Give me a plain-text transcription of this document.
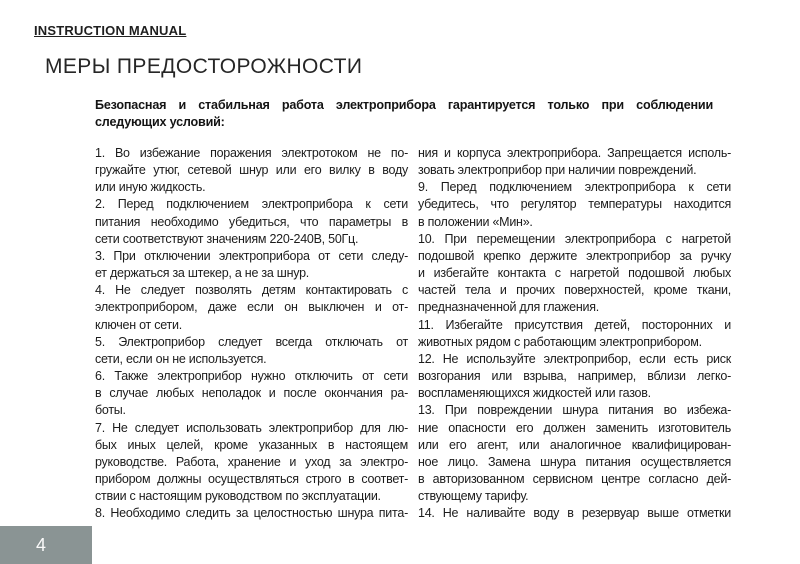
INSTRUCTION MANUAL
МЕРЫ ПРЕДОСТОРОЖНОСТИ
Безопасная и стабильная работа электроприбора гарантируется только при соблюдении
следующих условий:
1. Во избежание поражения электротоком не по-
гружайте утюг, сетевой шнур или его вилку в воду
или иную жидкость.
2. Перед подключением электроприбора к сети
питания необходимо убедиться, что параметры в
сети соответствуют значениям 220-240В, 50Гц.
3. При отключении электроприбора от сети следу-
ет держаться за штекер, а не за шнур.
4. Не следует позволять детям контактировать с
электроприбором, даже если он выключен и от-
ключен от сети.
5. Электроприбор следует всегда отключать от
сети, если он не используется.
6. Также электроприбор нужно отключить от сети
в случае любых неполадок и после окончания ра-
боты.
7. Не следует использовать электроприбор для лю-
бых иных целей, кроме указанных в настоящем
руководстве. Работа, хранение и уход за электро-
прибором должны осуществляться строго в соответ-
ствии с настоящим руководством по эксплуатации.
8. Необходимо следить за целостностью шнура пита-
ния и корпуса электроприбора. Запрещается исполь-
зовать электроприбор при наличии повреждений.
9. Перед подключением электроприбора к сети
убедитесь, что регулятор температуры находится
в положении «Мин».
10. При перемещении электроприбора с нагретой
подошвой крепко держите электроприбор за ручку
и избегайте контакта с нагретой подошвой любых
частей тела и прочих поверхностей, кроме ткани,
предназначенной для глажения.
11. Избегайте присутствия детей, посторонних и
животных рядом с работающим электроприбором.
12. Не используйте электроприбор, если есть риск
возгорания или взрыва, например, вблизи легко-
воспламеняющихся жидкостей или газов.
13. При повреждении шнура питания во избежа-
ние опасности его должен заменить изготовитель
или его агент, или аналогичное квалифицирован-
ное лицо. Замена шнура питания осуществляется
в авторизованном сервисном центре согласно дей-
ствующему тарифу.
14. Не наливайте воду в резервуар выше отметки
4
